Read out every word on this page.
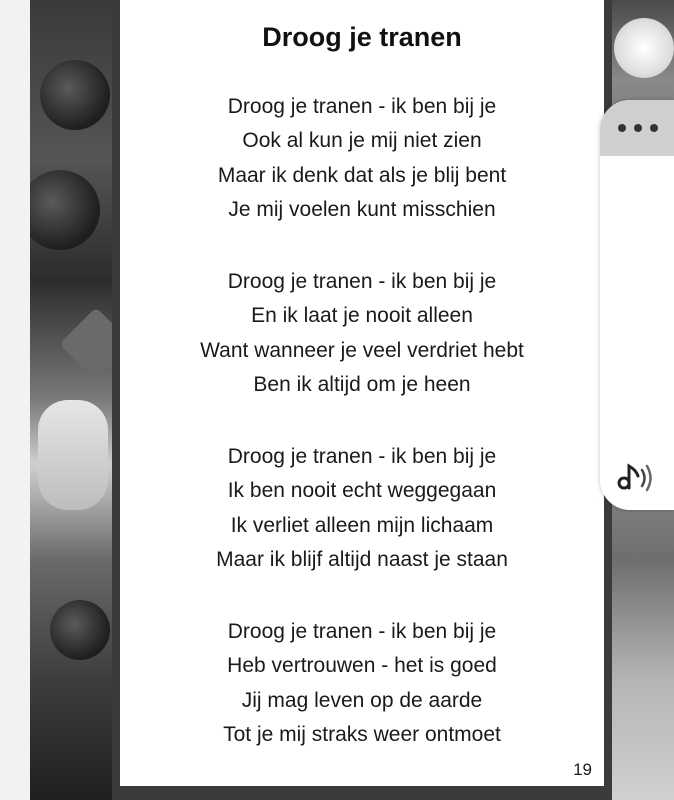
Droog je tranen
Droog je tranen - ik ben bij je
Ook al kun je mij niet zien
Maar ik denk dat als je blij bent
Je mij voelen kunt misschien
Droog je tranen - ik ben bij je
En ik laat je nooit alleen
Want wanneer je veel verdriet hebt
Ben ik altijd om je heen
Droog je tranen - ik ben bij je
Ik ben nooit echt weggegaan
Ik verliet alleen mijn lichaam
Maar ik blijf altijd naast je staan
Droog je tranen - ik ben bij je
Heb vertrouwen - het is goed
Jij mag leven op de aarde
Tot je mij straks weer ontmoet
19
